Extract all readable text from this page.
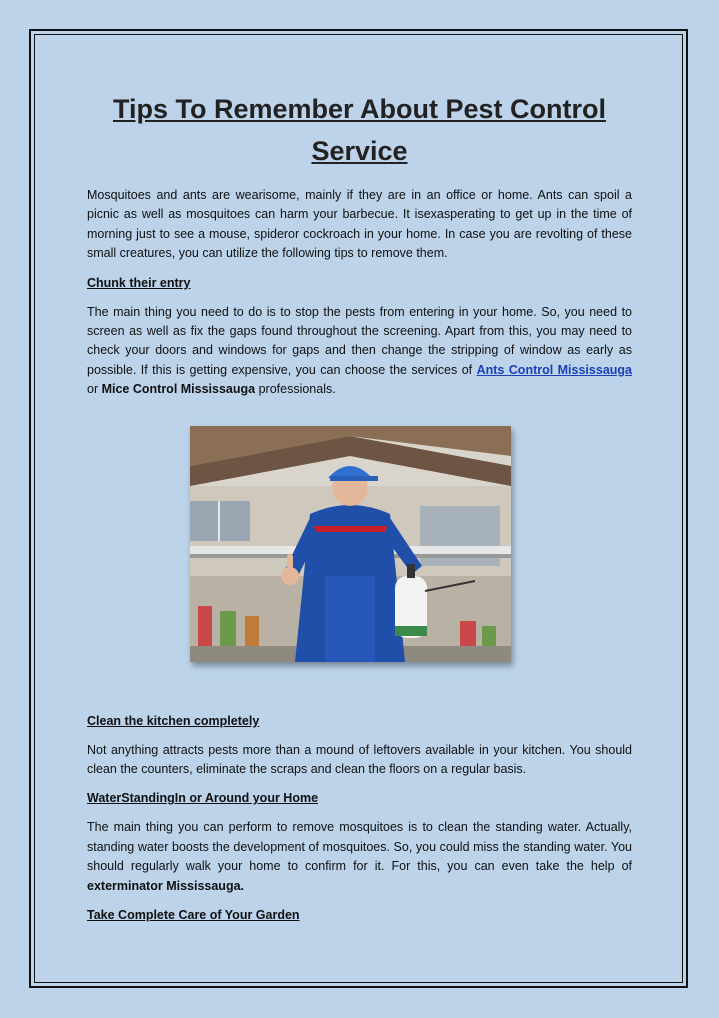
Tips To Remember About Pest Control Service

Mosquitoes and ants are wearisome, mainly if they are in an office or home. Ants can spoil a picnic as well as mosquitoes can harm your barbecue. It isexasperating to get up in the time of morning just to see a mouse, spideror cockroach in your home. In case you are revolting of these small creatures, you can utilize the following tips to remove them.

Chunk their entry

The main thing you need to do is to stop the pests from entering in your home. So, you need to screen as well as fix the gaps found throughout the screening. Apart from this, you may need to check your doors and windows for gaps and then change the stripping of window as early as possible. If this is getting expensive, you can choose the services of Ants Control Mississauga or Mice Control Mississauga professionals.

Clean the kitchen completely

Not anything attracts pests more than a mound of leftovers available in your kitchen. You should clean the counters, eliminate the scraps and clean the floors on a regular basis.

WaterStandingIn or Around your Home

The main thing you can perform to remove mosquitoes is to clean the standing water. Actually, standing water boosts the development of mosquitoes. So, you could miss the standing water. You should regularly walk your home to confirm for it. For this, you can even take the help of exterminator Mississauga.

Take Complete Care of Your Garden
